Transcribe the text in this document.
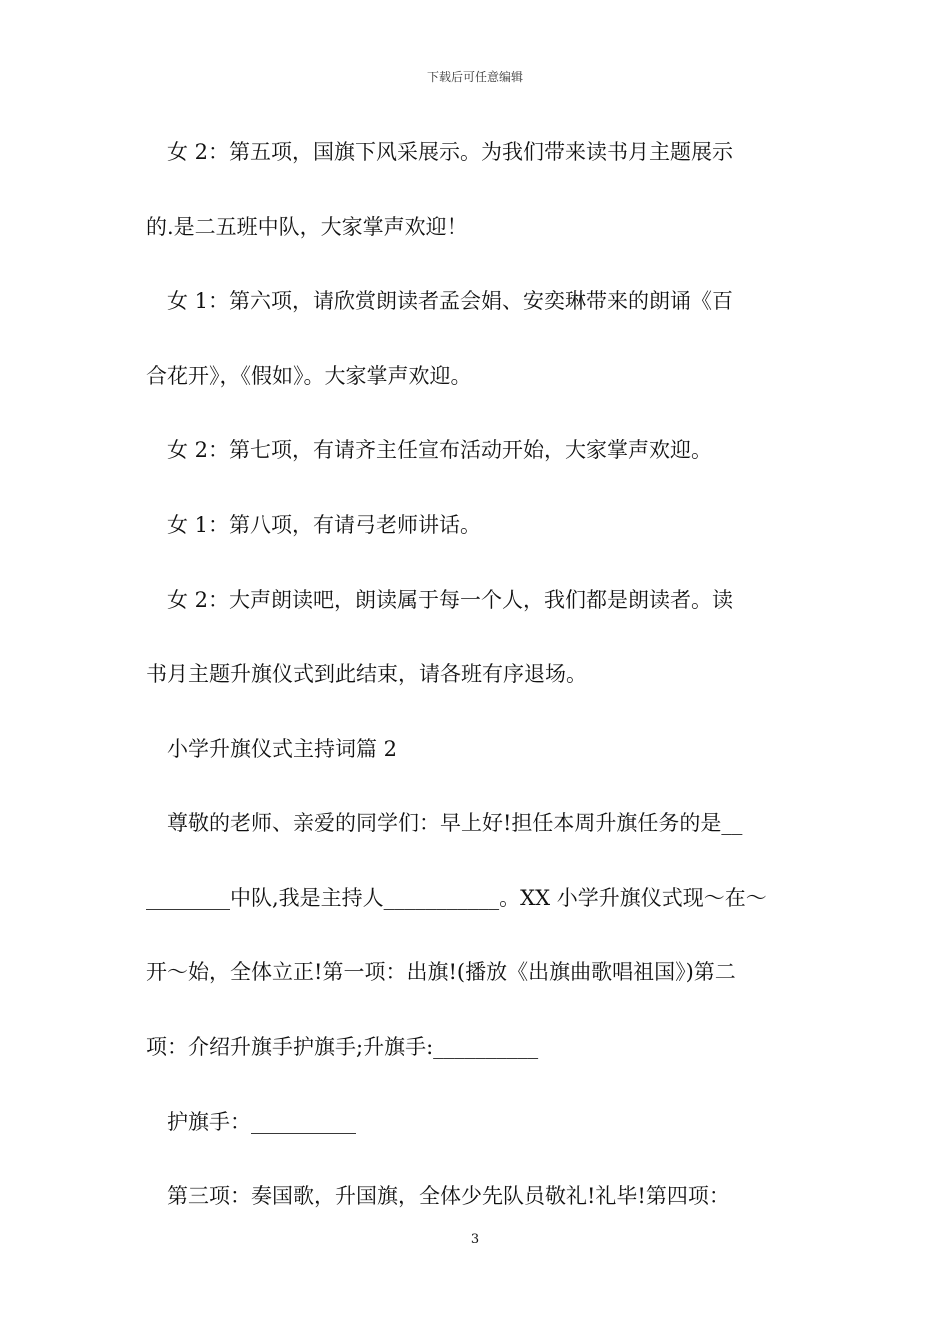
下载后可任意编辑
　女 2：第五项，国旗下风采展示。为我们带来读书月主题展示
的.是二五班中队，大家掌声欢迎！
　女 1：第六项，请欣赏朗读者孟会娟、安奕琳带来的朗诵《百
合花开》，《假如》。大家掌声欢迎。
　女 2：第七项，有请齐主任宣布活动开始，大家掌声欢迎。
　女 1：第八项，有请弓老师讲话。
　女 2：大声朗读吧，朗读属于每一个人，我们都是朗读者。读
书月主题升旗仪式到此结束，请各班有序退场。
　小学升旗仪式主持词篇 2
　尊敬的老师、亲爱的同学们：早上好!担任本周升旗任务的是__
________中队,我是主持人___________。XX 小学升旗仪式现～在～
开～始，全体立正!第一项：出旗!(播放《出旗曲歌唱祖国》)第二
项：介绍升旗手护旗手;升旗手:__________
　护旗手：__________
　第三项：奏国歌，升国旗，全体少先队员敬礼!礼毕!第四项：
3
